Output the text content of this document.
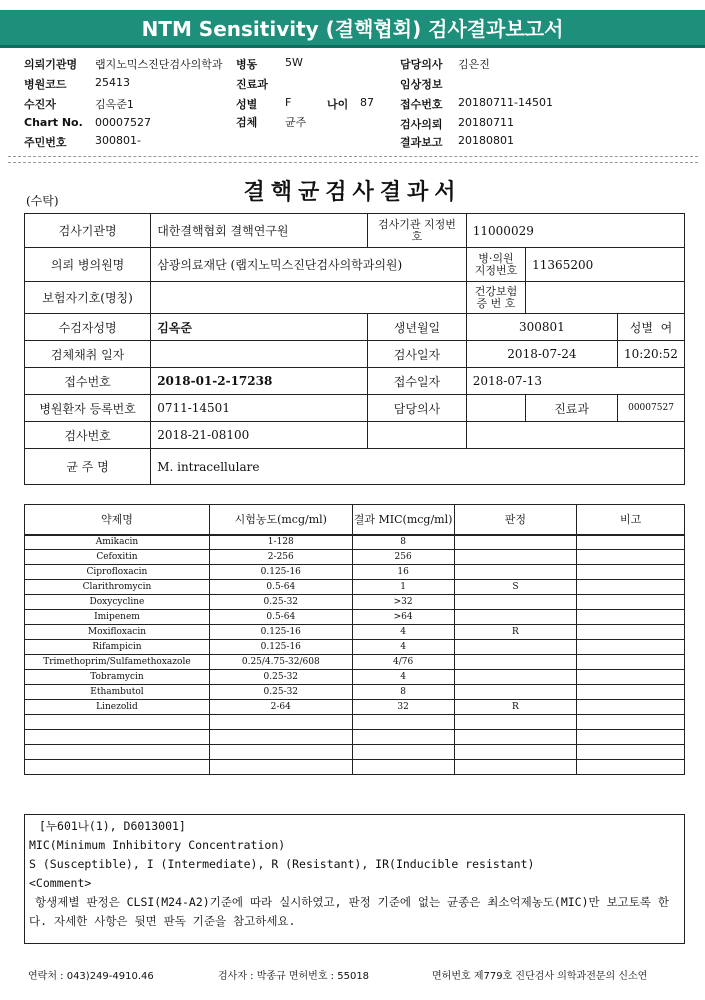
NTM Sensitivity (결핵협회) 검사결과보고서
의뢰기관명 랩지노믹스진단검사의학과 병동	5W	담당의사 김은진
병원코드	25413	진료과	임상정보
수진자	김옥준1	성별	F	나이 87 접수번호 20180711-14501
Chart No. 00007527	검체	균주	검사의뢰 20180711
주민번호	300801-	결과보고 20180801
(수탁)	결핵균검사결과서
검사기관명	대한결핵협회 결핵연구원	검사기관 지정번호	11000029		
의뢰 병의원명	삼광의료재단 (랩지노믹스진단검사의학과의원)		병·의원 지정번호	11365200	
보험자기호(명칭)			건강보험 증 번 호		
수검자성명	김옥준	생년월일	300801		성별 여
검체채취 일자		검사일자	2018-07-24		10:20:52
접수번호	2018-01-2-17238	접수일자	2018-07-13		
병원환자 등록번호	0711-14501	담당의사		진료과	00007527
검사번호	2018-21-08100				
균 주 명	M. intracellulare				
약제명	시험농도(mcg/ml)	결과 MIC(mcg/ml)	판정	비고
Amikacin	1-128	8		
Cefoxitin	2-256	256		
Ciprofloxacin	0.125-16	16		
Clarithromycin	0.5-64	1	S	
Doxycycline	0.25-32	>32		
Imipenem	0.5-64	>64		
Moxifloxacin	0.125-16	4	R	
Rifampicin	0.125-16	4		
Trimethoprim/Sulfamethoxazole	0.25/4.75-32/608	4/76		
Tobramycin	0.25-32	4		
Ethambutol	0.25-32	8		
Linezolid	2-64	32	R	

[누601나(1), D6013001]
MIC(Minimum Inhibitory Concentration)
S (Susceptible), I (Intermediate), R (Resistant), IR(Inducible resistant)
<Comment>
항생제별 판정은 CLSI(M24-A2)기준에 따라 실시하였고, 판정 기준에 없는 균종은 최소억제농도(MIC)만 보고토록 한다. 자세한 사항은 뒷면 판독 기준을 참고하세요.
연락처 : 043)249-4910.46	검사자 : 박종규 면허번호 : 55018	면허번호 제779호 진단검사 의학과전문의 신소연
